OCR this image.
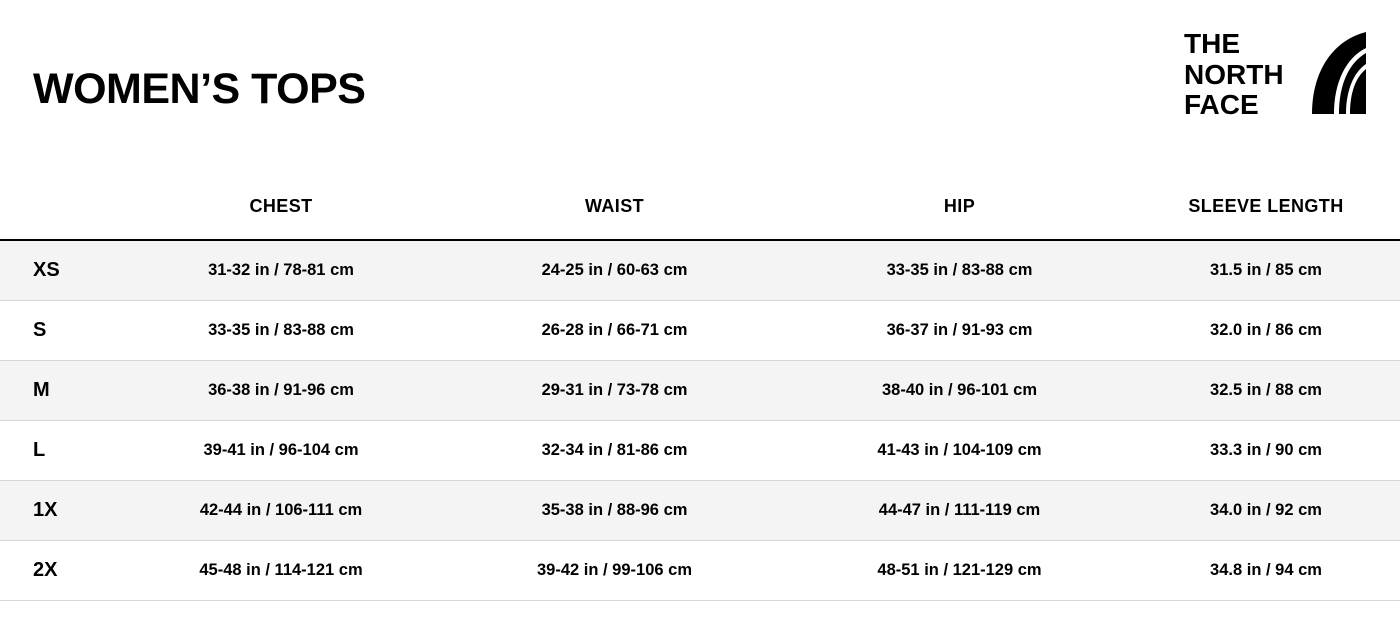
WOMEN’S TOPS
THE
NORTH
FACE
	CHEST	WAIST	HIP	SLEEVE LENGTH
XS	31-32 in / 78-81 cm	24-25 in / 60-63 cm	33-35 in / 83-88 cm	31.5 in / 85 cm
S	33-35 in / 83-88 cm	26-28 in / 66-71 cm	36-37 in / 91-93 cm	32.0 in / 86 cm
M	36-38 in / 91-96 cm	29-31 in / 73-78 cm	38-40 in / 96-101 cm	32.5 in / 88 cm
L	39-41 in / 96-104 cm	32-34 in / 81-86 cm	41-43 in / 104-109 cm	33.3 in / 90 cm
1X	42-44 in / 106-111 cm	35-38 in / 88-96 cm	44-47 in / 111-119 cm	34.0 in / 92 cm
2X	45-48 in / 114-121 cm	39-42 in / 99-106 cm	48-51 in / 121-129 cm	34.8 in / 94 cm
